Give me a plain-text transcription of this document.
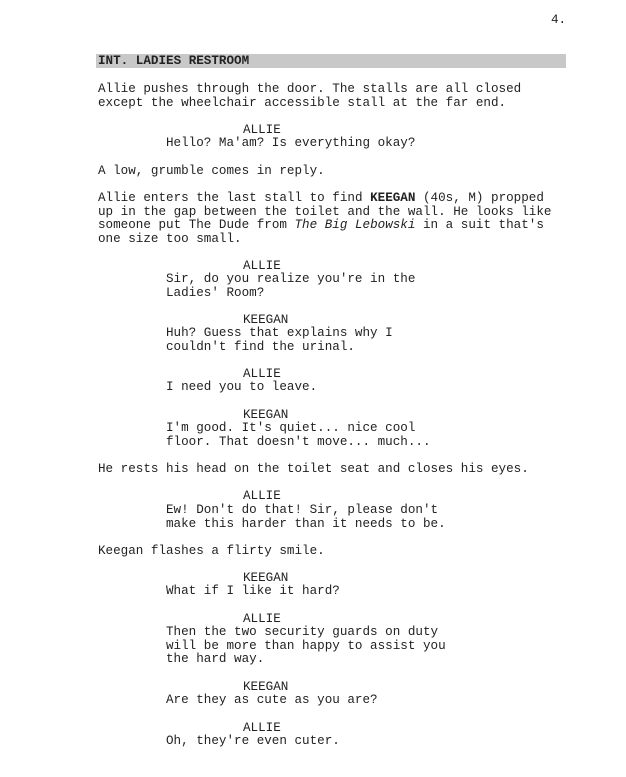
4.
INT. LADIES RESTROOM
Allie pushes through the door. The stalls are all closed
except the wheelchair accessible stall at the far end.
ALLIE
Hello? Ma'am? Is everything okay?
A low, grumble comes in reply.
Allie enters the last stall to find KEEGAN (40s, M) propped
up in the gap between the toilet and the wall. He looks like
someone put The Dude from The Big Lebowski in a suit that's
one size too small.
ALLIE
Sir, do you realize you're in the
Ladies' Room?
KEEGAN
Huh? Guess that explains why I
couldn't find the urinal.
ALLIE
I need you to leave.
KEEGAN
I'm good. It's quiet... nice cool
floor. That doesn't move... much...
He rests his head on the toilet seat and closes his eyes.
ALLIE
Ew! Don't do that! Sir, please don't
make this harder than it needs to be.
Keegan flashes a flirty smile.
KEEGAN
What if I like it hard?
ALLIE
Then the two security guards on duty
will be more than happy to assist you
the hard way.
KEEGAN
Are they as cute as you are?
ALLIE
Oh, they're even cuter.
